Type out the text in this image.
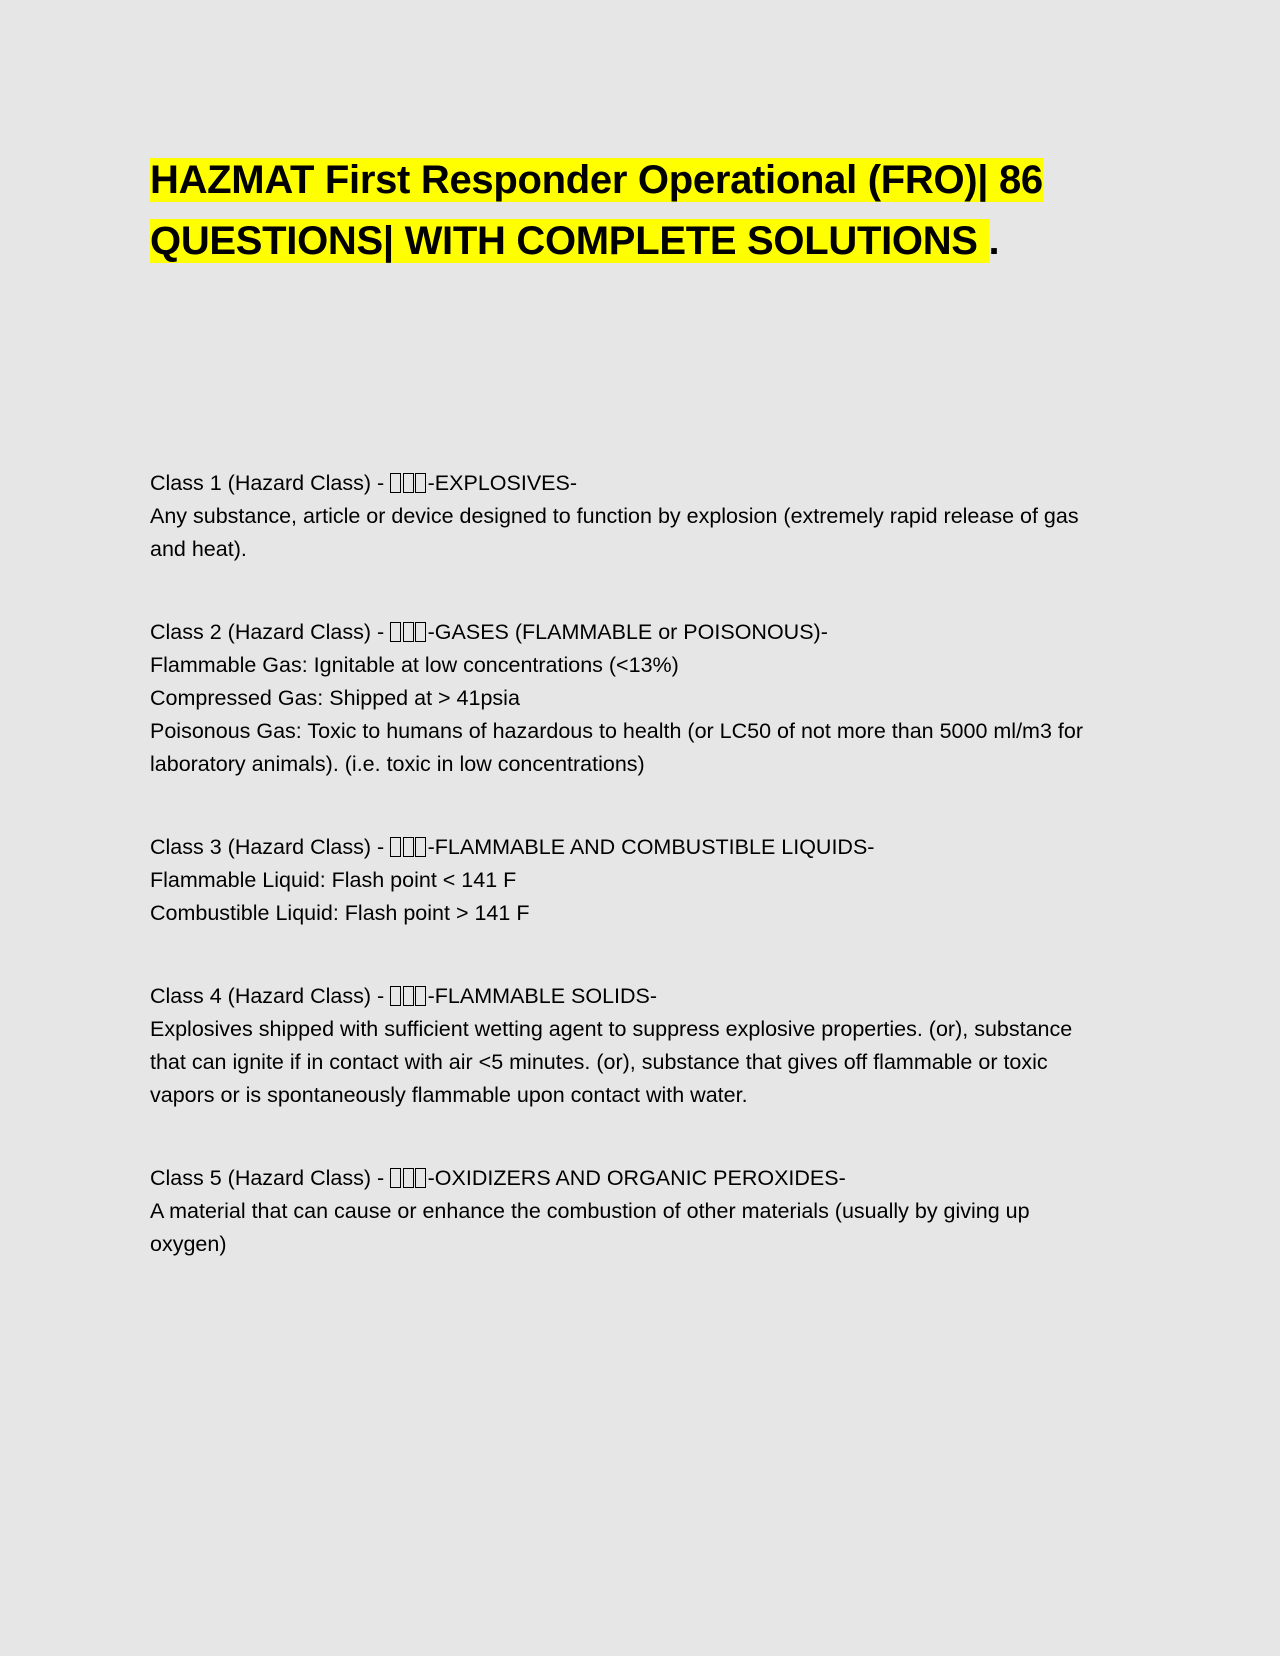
HAZMAT First Responder Operational (FRO)| 86
QUESTIONS| WITH COMPLETE SOLUTIONS .

Class 1 (Hazard Class) - -EXPLOSIVES-

Any substance, article or device designed to function by explosion (extremely rapid release of gas and heat).

Class 2 (Hazard Class) - -GASES (FLAMMABLE or POISONOUS)-

Flammable Gas: Ignitable at low concentrations (<13%)

Compressed Gas: Shipped at > 41psia

Poisonous Gas: Toxic to humans of hazardous to health (or LC50 of not more than 5000 ml/m3 for laboratory animals). (i.e. toxic in low concentrations)

Class 3 (Hazard Class) - -FLAMMABLE AND COMBUSTIBLE LIQUIDS-

Flammable Liquid: Flash point < 141 F

Combustible Liquid: Flash point > 141 F

Class 4 (Hazard Class) - -FLAMMABLE SOLIDS-

Explosives shipped with sufficient wetting agent to suppress explosive properties. (or), substance that can ignite if in contact with air <5 minutes. (or), substance that gives off flammable or toxic vapors or is spontaneously flammable upon contact with water.

Class 5 (Hazard Class) - -OXIDIZERS AND ORGANIC PEROXIDES-

A material that can cause or enhance the combustion of other materials (usually by giving up oxygen)
